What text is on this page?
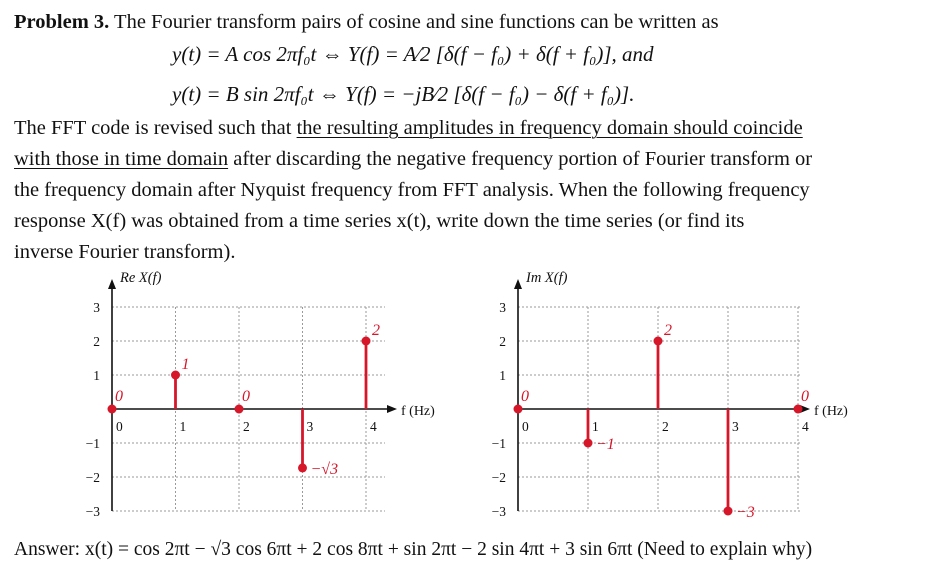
Problem 3. The Fourier transform pairs of cosine and sine functions can be written as
y(t) = A cos 2πf₀t ⇔ Y(f) = A⁄2 [δ(f − f₀) + δ(f + f₀)], and
y(t) = B sin 2πf₀t ⇔ Y(f) = −jB⁄2 [δ(f − f₀) − δ(f + f₀)].
The FFT code is revised such that the resulting amplitudes in frequency domain should coincide
with those in time domain after discarding the negative frequency portion of Fourier transform or
the frequency domain after Nyquist frequency from FFT analysis. When the following frequency
response X(f) was obtained from a time series x(t), write down the time series (or find its
inverse Fourier transform).
Re X(f)
f (Hz)
3
2
1
−1
−2
−3
0	1	2	3	4
0
1
0
−√3
2
Im X(f)
f (Hz)
3
2
1
−1
−2
−3
0	1	2	3	4
0
−1
2
−3
0
Answer: x(t) = cos 2πt − √3 cos 6πt + 2 cos 8πt + sin 2πt − 2 sin 4πt + 3 sin 6πt (Need to explain why)
